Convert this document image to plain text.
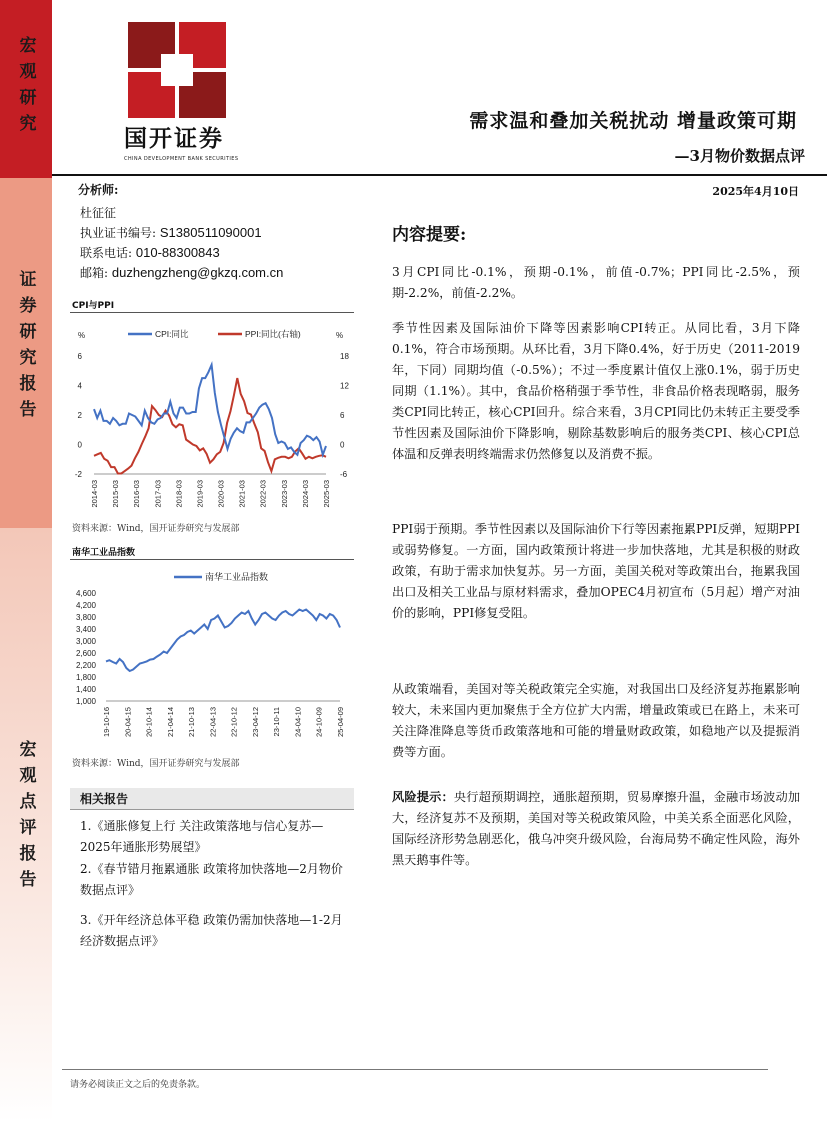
宏观研究
证券研究报告
宏观点评报告
国开证券
CHINA DEVELOPMENT BANK SECURITIES
需求温和叠加关税扰动 增量政策可期
—3月物价数据点评
分析师:	2025年4月10日
杜征征
执业证书编号: S1380511090001
联系电话: 010-88300843
邮箱: duzhengzheng@gkzq.com.cn
CPI与PPI
%	%
CPI:同比	PPI:同比(右轴)
6
4
2
0
-2
18
12
6
0
-6
2014-03 2015-03 2016-03 2017-03 2018-03 2019-03 2020-03 2021-03 2022-03 2023-03 2024-03 2025-03
资料来源：Wind，国开证券研究与发展部
南华工业品指数
南华工业品指数
4,600
4,200
3,800
3,400
3,000
2,600
2,200
1,800
1,400
1,000
19-10-16 20-04-15 20-10-14 21-04-14 21-10-13 22-04-13 22-10-12 23-04-12 23-10-11 24-04-10 24-10-09 25-04-09
资料来源：Wind，国开证券研究与发展部
相关报告
1.《通胀修复上行 关注政策落地与信心复苏—2025年通胀形势展望》
2.《春节错月拖累通胀 政策将加快落地—2月物价数据点评》
3.《开年经济总体平稳 政策仍需加快落地—1-2月经济数据点评》
内容提要:
3月CPI同比-0.1%，预期-0.1%，前值-0.7%；PPI同比-2.5%，预期-2.2%，前值-2.2%。
季节性因素及国际油价下降等因素影响CPI转正。从同比看，3月下降0.1%，符合市场预期。从环比看，3月下降0.4%，好于历史（2011-2019年，下同）同期均值（-0.5%）；不过一季度累计值仅上涨0.1%，弱于历史同期（1.1%）。其中，食品价格稍强于季节性，非食品价格表现略弱，服务类CPI同比转正，核心CPI回升。综合来看，3月CPI同比仍未转正主要受季节性因素及国际油价下降影响，剔除基数影响后的服务类CPI、核心CPI总体温和反弹表明终端需求仍然修复以及消费不振。
PPI弱于预期。季节性因素以及国际油价下行等因素拖累PPI反弹，短期PPI或弱势修复。一方面，国内政策预计将进一步加快落地，尤其是积极的财政政策，有助于需求加快复苏。另一方面，美国关税对等政策出台，拖累我国出口及相关工业品与原材料需求，叠加OPEC4月初宣布（5月起）增产对油价的影响，PPI修复受阻。
从政策端看，美国对等关税政策完全实施，对我国出口及经济复苏拖累影响较大，未来国内更加聚焦于全方位扩大内需，增量政策或已在路上，未来可关注降准降息等货币政策落地和可能的增量财政政策，如稳地产以及提振消费等方面。
风险提示：央行超预期调控，通胀超预期，贸易摩擦升温，金融市场波动加大，经济复苏不及预期，美国对等关税政策风险，中美关系全面恶化风险，国际经济形势急剧恶化，俄乌冲突升级风险，台海局势不确定性风险，海外黑天鹅事件等。
请务必阅读正文之后的免责条款。
